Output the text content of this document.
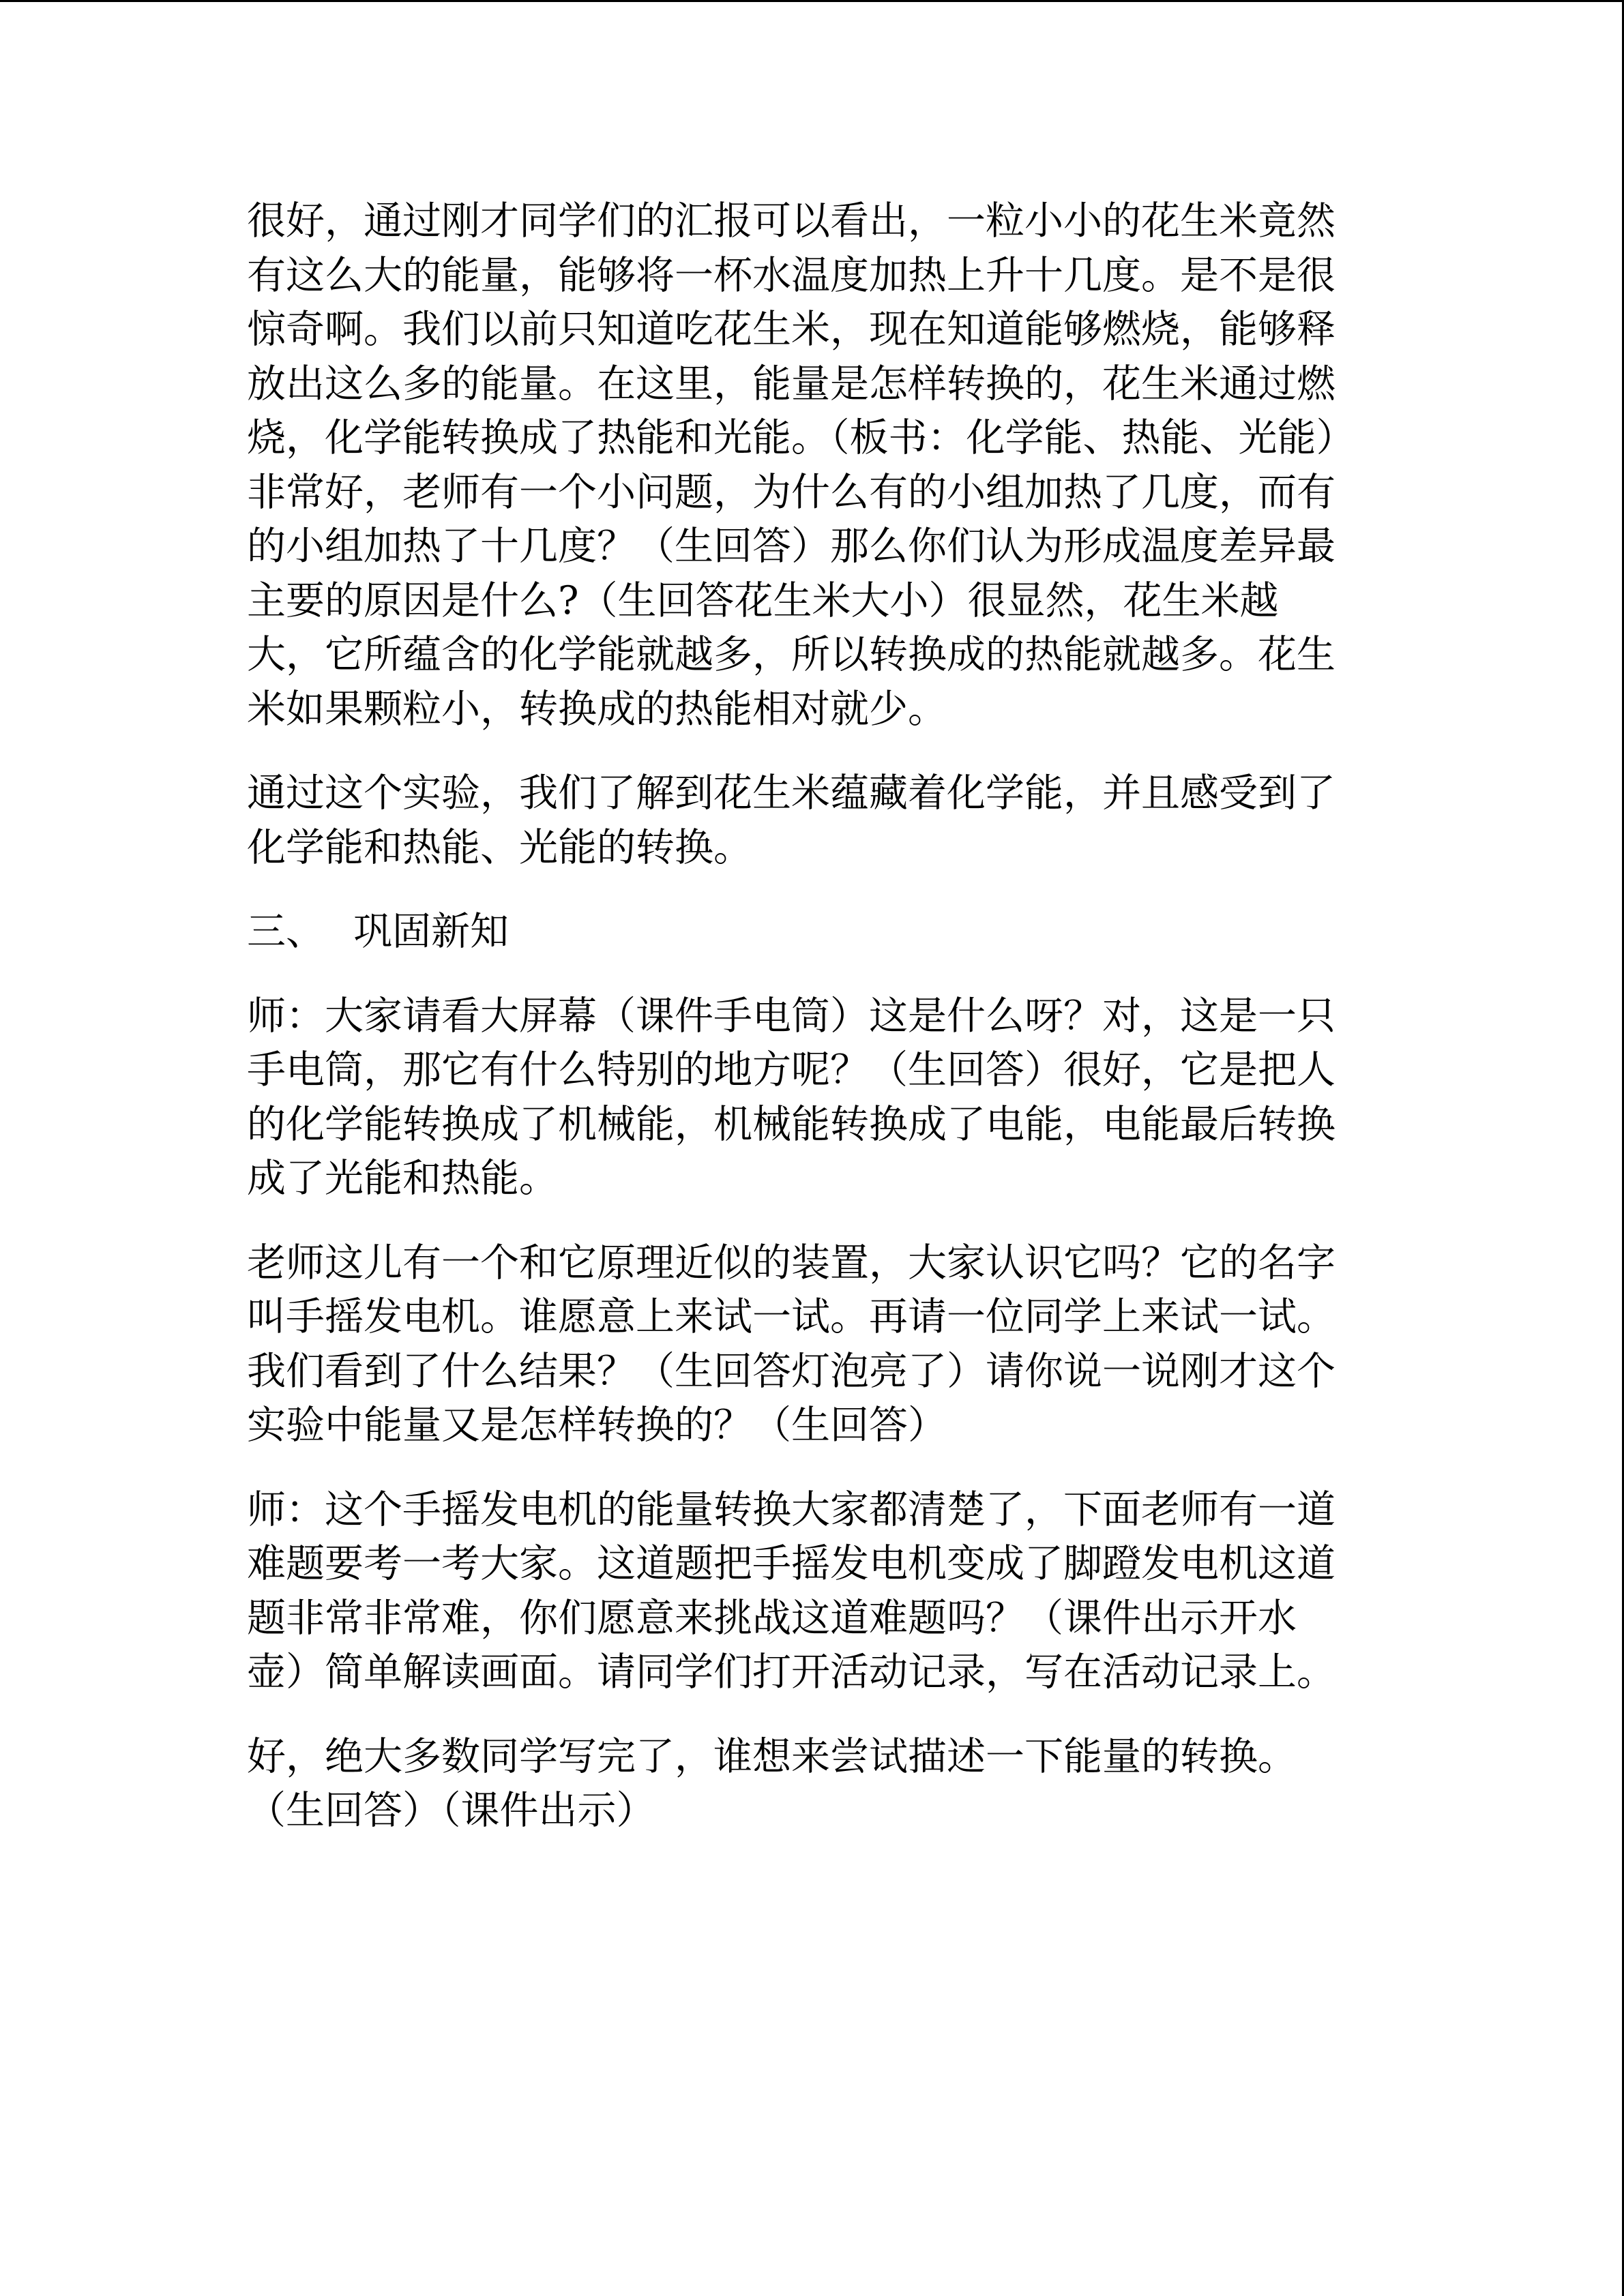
很好，通过刚才同学们的汇报可以看出，一粒小小的花生米竟然有这么大的能量，能够将一杯水温度加热上升十几度。是不是很惊奇啊。我们以前只知道吃花生米，现在知道能够燃烧，能够释放出这么多的能量。在这里，能量是怎样转换的，花生米通过燃烧，化学能转换成了热能和光能。（板书：化学能、热能、光能）非常好，老师有一个小问题，为什么有的小组加热了几度，而有的小组加热了十几度？（生回答）那么你们认为形成温度差异最主要的原因是什么?（生回答花生米大小）很显然，花生米越大，它所蕴含的化学能就越多，所以转换成的热能就越多。花生米如果颗粒小，转换成的热能相对就少。

通过这个实验，我们了解到花生米蕴藏着化学能，并且感受到了化学能和热能、光能的转换。

三、 巩固新知

师：大家请看大屏幕（课件手电筒）这是什么呀？对，这是一只手电筒，那它有什么特别的地方呢？（生回答）很好，它是把人的化学能转换成了机械能，机械能转换成了电能，电能最后转换成了光能和热能。

老师这儿有一个和它原理近似的装置，大家认识它吗？它的名字叫手摇发电机。谁愿意上来试一试。再请一位同学上来试一试。我们看到了什么结果？（生回答灯泡亮了）请你说一说刚才这个实验中能量又是怎样转换的？（生回答）

师：这个手摇发电机的能量转换大家都清楚了，下面老师有一道难题要考一考大家。这道题把手摇发电机变成了脚蹬发电机这道题非常非常难，你们愿意来挑战这道难题吗？（课件出示开水壶）简单解读画面。请同学们打开活动记录，写在活动记录上。

好，绝大多数同学写完了，谁想来尝试描述一下能量的转换。（生回答）（课件出示）
